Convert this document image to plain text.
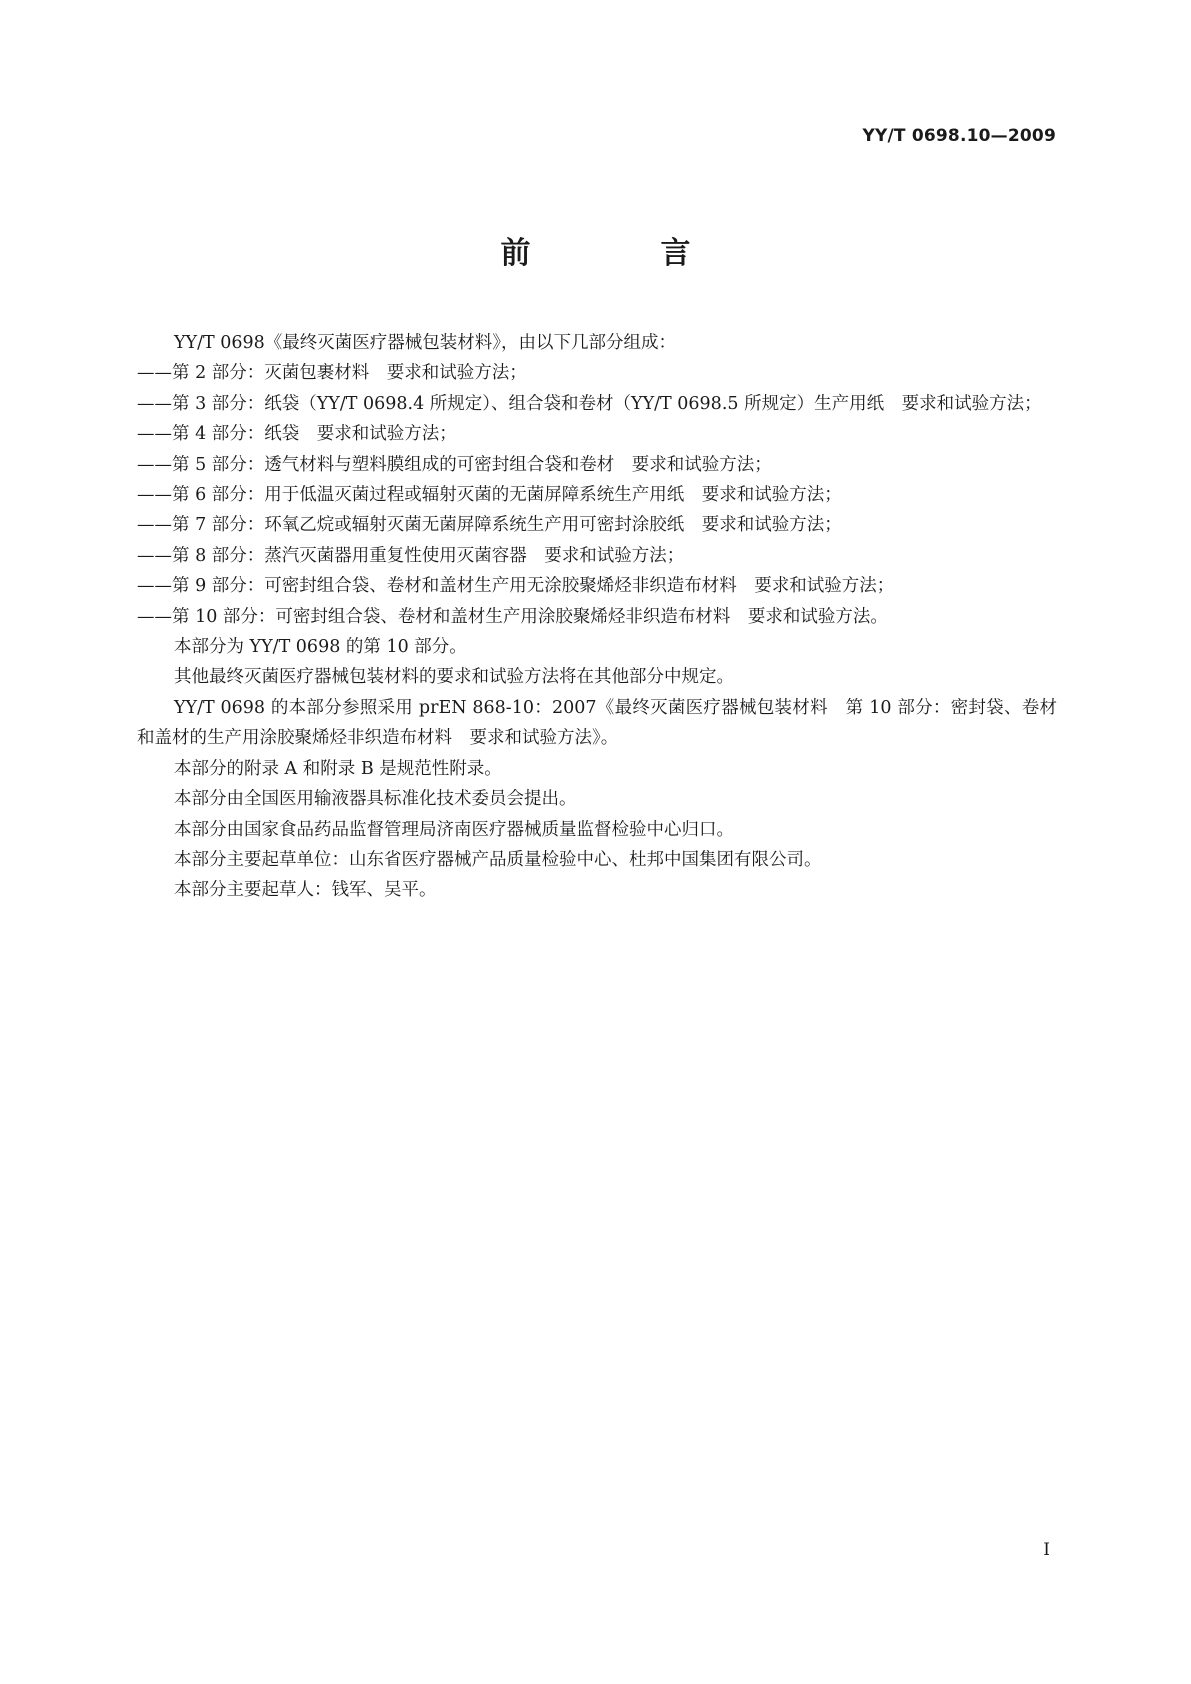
YY/T 0698.10—2009
前　言

YY/T 0698《最终灭菌医疗器械包装材料》，由以下几部分组成：

——第 2 部分：灭菌包裹材料　要求和试验方法；

——第 3 部分：纸袋（YY/T 0698.4 所规定）、组合袋和卷材（YY/T 0698.5 所规定）生产用纸　要求和试验方法；

——第 4 部分：纸袋　要求和试验方法；

——第 5 部分：透气材料与塑料膜组成的可密封组合袋和卷材　要求和试验方法；

——第 6 部分：用于低温灭菌过程或辐射灭菌的无菌屏障系统生产用纸　要求和试验方法；

——第 7 部分：环氧乙烷或辐射灭菌无菌屏障系统生产用可密封涂胶纸　要求和试验方法；

——第 8 部分：蒸汽灭菌器用重复性使用灭菌容器　要求和试验方法；

——第 9 部分：可密封组合袋、卷材和盖材生产用无涂胶聚烯烃非织造布材料　要求和试验方法；

——第 10 部分：可密封组合袋、卷材和盖材生产用涂胶聚烯烃非织造布材料　要求和试验方法。

本部分为 YY/T 0698 的第 10 部分。

其他最终灭菌医疗器械包装材料的要求和试验方法将在其他部分中规定。

YY/T 0698 的本部分参照采用 prEN 868-10：2007《最终灭菌医疗器械包装材料　第 10 部分：密封袋、卷材和盖材的生产用涂胶聚烯烃非织造布材料　要求和试验方法》。

本部分的附录 A 和附录 B 是规范性附录。

本部分由全国医用输液器具标准化技术委员会提出。

本部分由国家食品药品监督管理局济南医疗器械质量监督检验中心归口。

本部分主要起草单位：山东省医疗器械产品质量检验中心、杜邦中国集团有限公司。

本部分主要起草人：钱军、吴平。

I
